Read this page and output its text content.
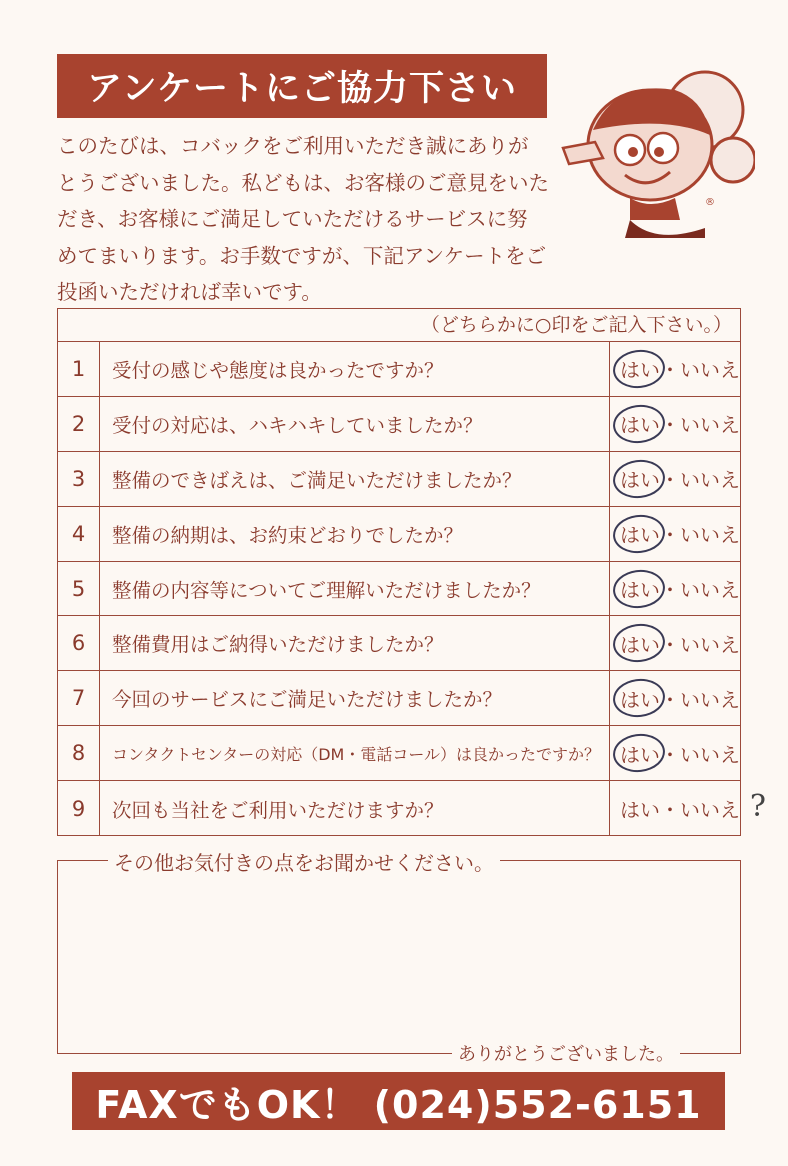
アンケートにご協力下さい
このたびは、コバックをご利用いただき誠にありが
とうございました。私どもは、お客様のご意見をいた
だき、お客様にご満足していただけるサービスに努
めてまいります。お手数ですが、下記アンケートをご
投函いただければ幸いです。
®
（どちらかに○印をご記入下さい。）
1	受付の感じや態度は良かったですか？	はい・いいえ
2	受付の対応は、ハキハキしていましたか？	はい・いいえ
3	整備のできばえは、ご満足いただけましたか？	はい・いいえ
4	整備の納期は、お約束どおりでしたか？	はい・いいえ
5	整備の内容等についてご理解いただけましたか？	はい・いいえ
6	整備費用はご納得いただけましたか？	はい・いいえ
7	今回のサービスにご満足いただけましたか？	はい・いいえ
8	コンタクトセンターの対応（DM・電話コール）は良かったですか？ はい・いいえ
9	次回も当社をご利用いただけますか？	はい・いいえ ?
その他お気付きの点をお聞かせください。
ありがとうございました。
FAXでもOK！ (024)552-6151
